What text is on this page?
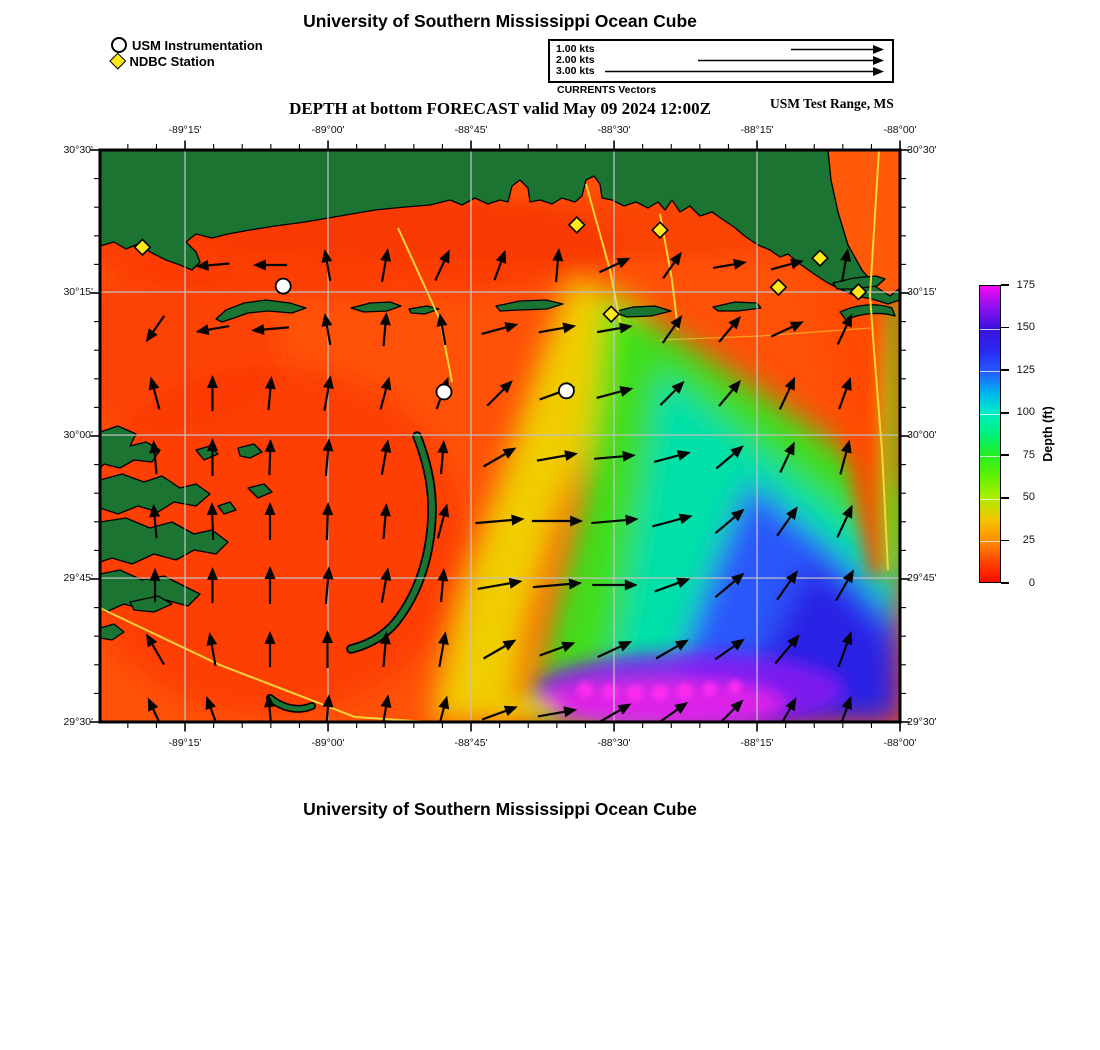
University of Southern Mississippi Ocean Cube
USM Instrumentation
NDBC Station
1.00 kts
2.00 kts
3.00 kts
CURRENTS Vectors
DEPTH at bottom FORECAST valid May 09 2024 12:00Z	USM Test Range, MS
-89°15'	-89°00'	-88°45'	-88°30'	-88°15'	-88°00'
-89°15'	-89°00'	-88°45'	-88°30'	-88°15'	-88°00'
30°30'
30°15'
30°00'
29°45'
29°30'
30°30'
30°15'
30°00'
29°45'
29°30'
0
25
50
75
100
125
150
175
Depth (ft)
University of Southern Mississippi Ocean Cube
